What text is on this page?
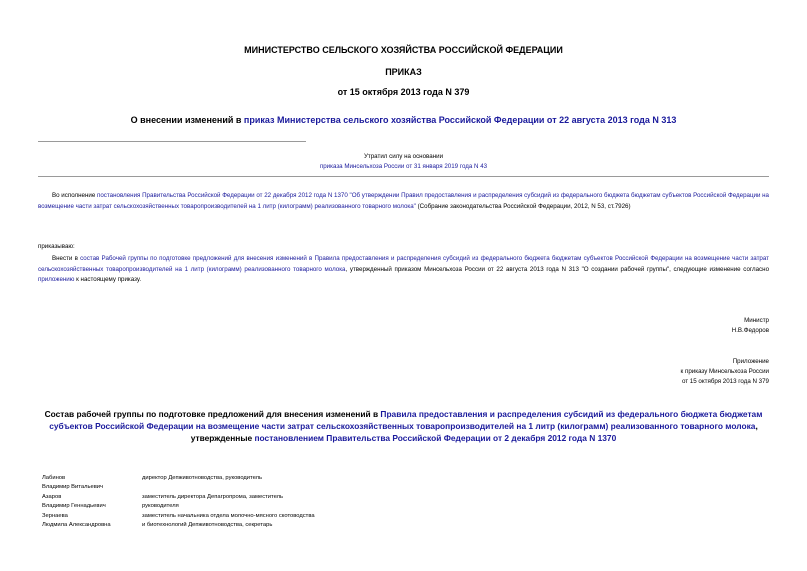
МИНИСТЕРСТВО СЕЛЬСКОГО ХОЗЯЙСТВА РОССИЙСКОЙ ФЕДЕРАЦИИ
ПРИКАЗ
от 15 октября 2013 года N 379
О внесении изменений в приказ Министерства сельского хозяйства Российской Федерации от 22 августа 2013 года N 313
Утратил силу на основании
приказа Минсельхоза России от 31 января 2019 года N 43
Во исполнение постановления Правительства Российской Федерации от 22 декабря 2012 года N 1370 "Об утверждении Правил предоставления и распределения субсидий из федерального бюджета бюджетам субъектов Российской Федерации на возмещение части затрат сельскохозяйственных товаропроизводителей на 1 литр (килограмм) реализованного товарного молока" (Собрание законодательства Российской Федерации, 2012, N 53, ст.7926)
приказываю:
Внести в состав Рабочей группы по подготовке предложений для внесения изменений в Правила предоставления и распределения субсидий из федерального бюджета бюджетам субъектов Российской Федерации на возмещение части затрат сельскохозяйственных товаропроизводителей на 1 литр (килограмм) реализованного товарного молока, утвержденный приказом Минсельхоза России от 22 августа 2013 года N 313 "О создании рабочей группы", следующие изменение согласно приложению к настоящему приказу.
Министр
Н.В.Федоров
Приложение
к приказу Минсельхоза России
от 15 октября 2013 года N 379
Состав рабочей группы по подготовке предложений для внесения изменений в Правила предоставления и распределения субсидий из федерального бюджета бюджетам субъектов Российской Федерации на возмещение части затрат сельскохозяйственных товаропроизводителей на 1 литр (килограмм) реализованного товарного молока, утвержденные постановлением Правительства Российской Федерации от 2 декабря 2012 года N 1370
Лабинов
Владимир Витальевич
директор Депживотноводства, руководитель
Азаров
Владимир Геннадьевич
заместитель директора Депагропрома, заместитель
руководителя
Зернаева
Людмила Александровна
заместитель начальника отдела молочно-мясного скотоводства
и биотехнологий Депживотноводства, секретарь
